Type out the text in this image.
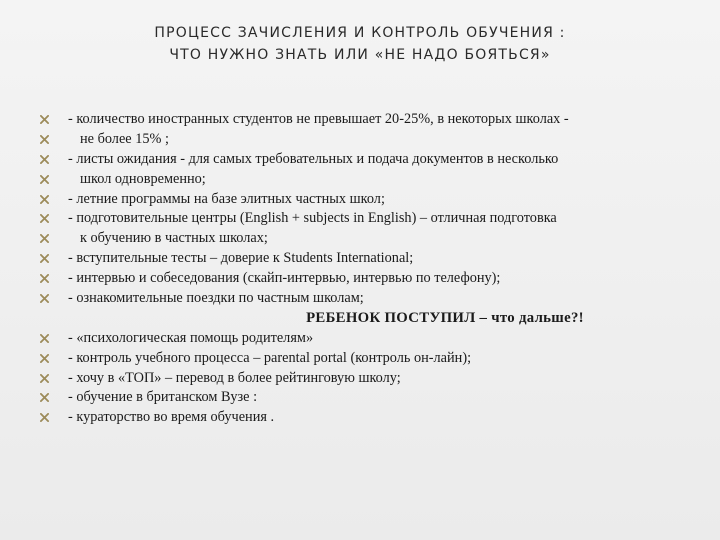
ПРОЦЕСС ЗАЧИСЛЕНИЯ И КОНТРОЛЬ ОБУЧЕНИЯ :
ЧТО НУЖНО ЗНАТЬ ИЛИ «НЕ НАДО БОЯТЬСЯ»
- количество иностранных студентов не превышает 20-25%, в некоторых школах -
не более 15% ;
- листы ожидания - для самых требовательных и подача документов в несколько
школ одновременно;
- летние программы на базе элитных частных школ;
- подготовительные центры (English + subjects in English) – отличная подготовка
к обучению в частных школах;
- вступительные тесты – доверие к Students International;
- интервью и собеседования (скайп-интервью, интервью по телефону);
- ознакомительные поездки по частным школам;
РЕБЕНОК ПОСТУПИЛ – что дальше?!
- «психологическая помощь родителям»
- контроль учебного процесса – parental portal (контроль он-лайн);
- хочу в «ТОП» – перевод в более рейтинговую школу;
- обучение в британском Вузе :
- кураторство во время обучения .
